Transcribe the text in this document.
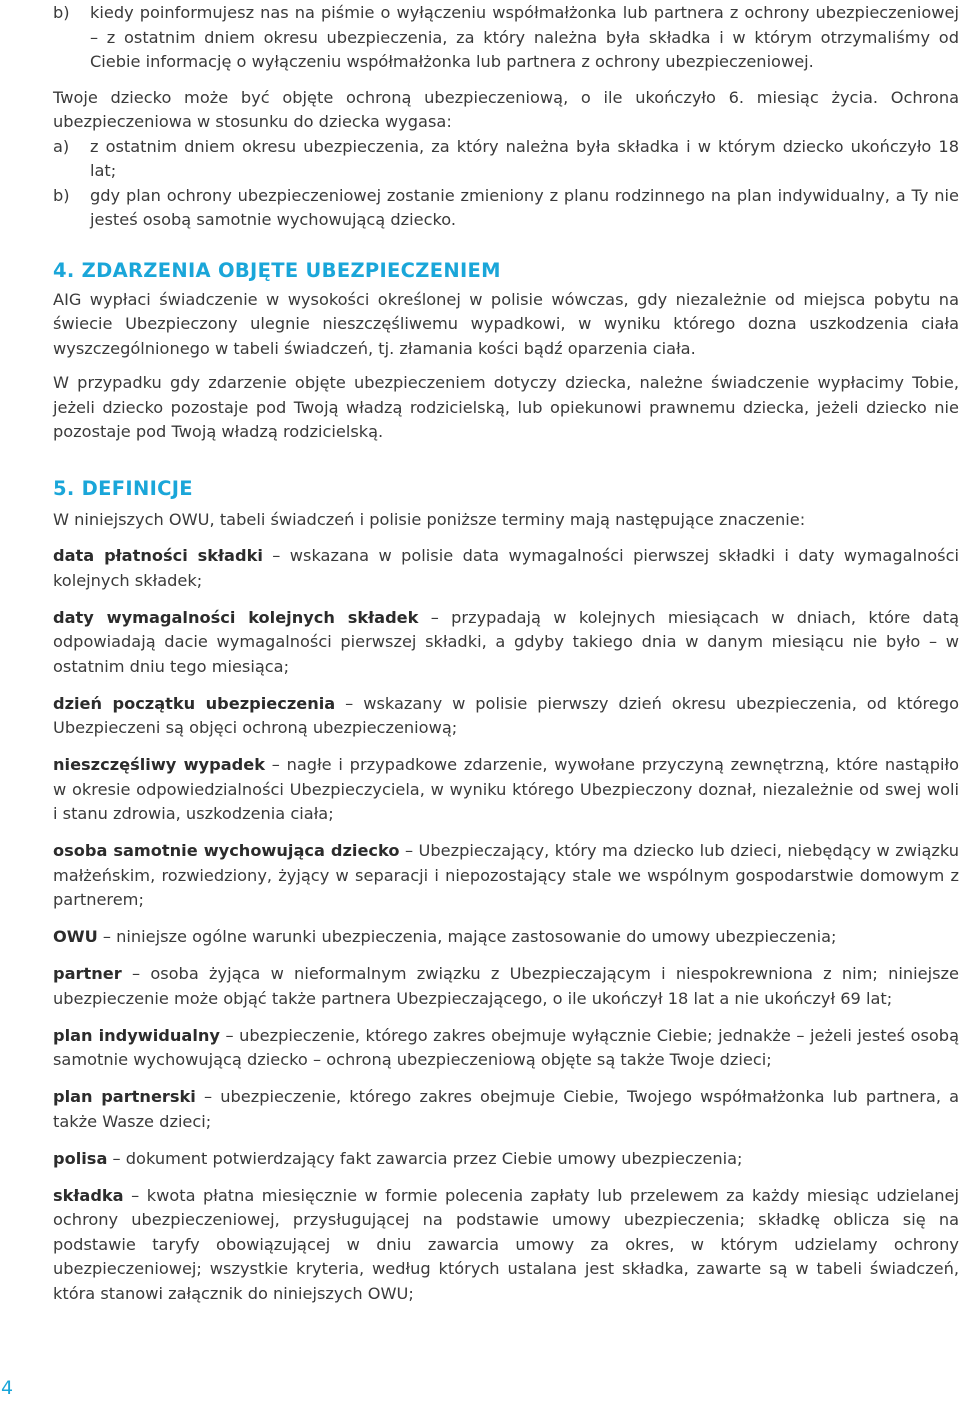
b)	kiedy poinformujesz nas na piśmie o wyłączeniu współmałżonka lub partnera z ochrony ubezpieczeniowej – z ostatnim dniem okresu ubezpieczenia, za który należna była składka i w którym otrzymaliśmy od Ciebie informację o wyłączeniu współmałżonka lub partnera z ochrony ubezpieczeniowej.

Twoje dziecko może być objęte ochroną ubezpieczeniową, o ile ukończyło 6. miesiąc życia. Ochrona ubezpieczeniowa w stosunku do dziecka wygasa:

a)	z ostatnim dniem okresu ubezpieczenia, za który należna była składka i w którym dziecko ukończyło 18 lat;

b)	gdy plan ochrony ubezpieczeniowej zostanie zmieniony z planu rodzinnego na plan indywidualny, a Ty nie jesteś osobą samotnie wychowującą dziecko.

4. ZDARZENIA OBJĘTE UBEZPIECZENIEM

AIG wypłaci świadczenie w wysokości określonej w polisie wówczas, gdy niezależnie od miejsca pobytu na świecie Ubezpieczony ulegnie nieszczęśliwemu wypadkowi, w wyniku którego dozna uszkodzenia ciała wyszczególnionego w tabeli świadczeń, tj. złamania kości bądź oparzenia ciała.

W przypadku gdy zdarzenie objęte ubezpieczeniem dotyczy dziecka, należne świadczenie wypłacimy Tobie, jeżeli dziecko pozostaje pod Twoją władzą rodzicielską, lub opiekunowi prawnemu dziecka, jeżeli dziecko nie pozostaje pod Twoją władzą rodzicielską.

5. DEFINICJE

W niniejszych OWU, tabeli świadczeń i polisie poniższe terminy mają następujące znaczenie:

data płatności składki – wskazana w polisie data wymagalności pierwszej składki i daty wymagalności kolejnych składek;

daty wymagalności kolejnych składek – przypadają w kolejnych miesiącach w dniach, które datą odpowiadają dacie wymagalności pierwszej składki, a gdyby takiego dnia w danym miesiącu nie było – w ostatnim dniu tego miesiąca;

dzień początku ubezpieczenia – wskazany w polisie pierwszy dzień okresu ubezpieczenia, od którego Ubezpieczeni są objęci ochroną ubezpieczeniową;

nieszczęśliwy wypadek – nagłe i przypadkowe zdarzenie, wywołane przyczyną zewnętrzną, które nastąpiło w okresie odpowiedzialności Ubezpieczyciela, w wyniku którego Ubezpieczony doznał, niezależnie od swej woli i stanu zdrowia, uszkodzenia ciała;

osoba samotnie wychowująca dziecko – Ubezpieczający, który ma dziecko lub dzieci, niebędący w związku małżeńskim, rozwiedziony, żyjący w separacji i niepozostający stale we wspólnym gospodarstwie domowym z partnerem;

OWU – niniejsze ogólne warunki ubezpieczenia, mające zastosowanie do umowy ubezpieczenia;

partner – osoba żyjąca w nieformalnym związku z Ubezpieczającym i niespokrewniona z nim; niniejsze ubezpieczenie może objąć także partnera Ubezpieczającego, o ile ukończył 18 lat a nie ukończył 69 lat;

plan indywidualny – ubezpieczenie, którego zakres obejmuje wyłącznie Ciebie; jednakże – jeżeli jesteś osobą samotnie wychowującą dziecko – ochroną ubezpieczeniową objęte są także Twoje dzieci;

plan partnerski – ubezpieczenie, którego zakres obejmuje Ciebie, Twojego współmałżonka lub partnera, a także Wasze dzieci;

polisa – dokument potwierdzający fakt zawarcia przez Ciebie umowy ubezpieczenia;

składka – kwota płatna miesięcznie w formie polecenia zapłaty lub przelewem za każdy miesiąc udzielanej ochrony ubezpieczeniowej, przysługującej na podstawie umowy ubezpieczenia; składkę oblicza się na podstawie taryfy obowiązującej w dniu zawarcia umowy za okres, w którym udzielamy ochrony ubezpieczeniowej; wszystkie kryteria, według których ustalana jest składka, zawarte są w tabeli świadczeń, która stanowi załącznik do niniejszych OWU;

4
